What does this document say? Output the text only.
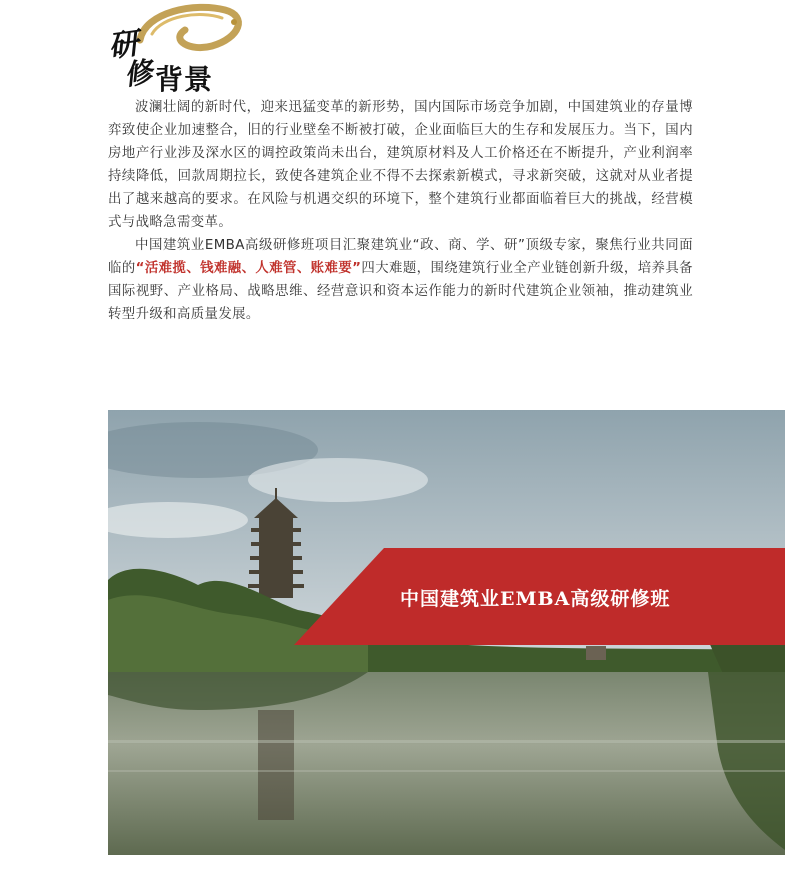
研
修 背 景

波澜壮阔的新时代，迎来迅猛变革的新形势，国内国际市场竞争加剧，中国建筑业的存量博弈致使企业加速整合，旧的行业壁垒不断被打破，企业面临巨大的生存和发展压力。当下，国内房地产行业涉及深水区的调控政策尚未出台，建筑原材料及人工价格还在不断提升，产业利润率持续降低，回款周期拉长，致使各建筑企业不得不去探索新模式，寻求新突破，这就对从业者提出了越来越高的要求。在风险与机遇交织的环境下，整个建筑行业都面临着巨大的挑战，经营模式与战略急需变革。

中国建筑业EMBA高级研修班项目汇聚建筑业“政、商、学、研”顶级专家，聚焦行业共同面临的“活难揽、钱难融、人难管、账难要”四大难题，围绕建筑行业全产业链创新升级，培养具备国际视野、产业格局、战略思维、经营意识和资本运作能力的新时代建筑企业领袖，推动建筑业转型升级和高质量发展。

中国建筑业EMBA高级研修班
